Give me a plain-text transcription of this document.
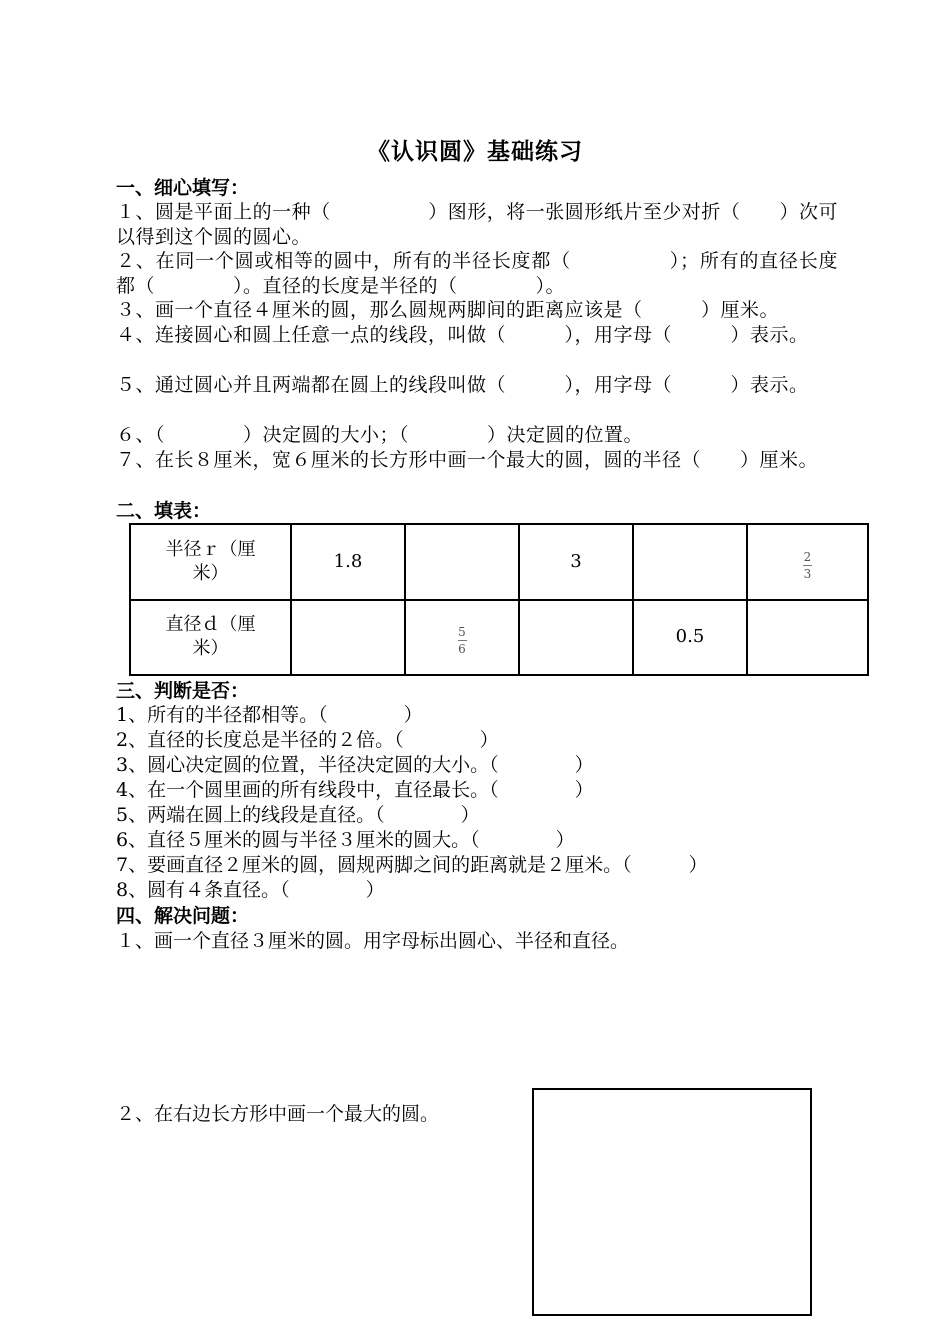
《认识圆》基础练习
一、细心填写：
１、圆是平面上的一种（　　　　　）图形，将一张圆形纸片至少对折（　　）次可以得到这个圆的圆心。
２、在同一个圆或相等的圆中，所有的半径长度都（　　　　　）；所有的直径长度都（　　　　）。直径的长度是半径的（　　　　）。
３、画一个直径４厘米的圆，那么圆规两脚间的距离应该是（　　　）厘米。
４、连接圆心和圆上任意一点的线段，叫做（　　　），用字母（　　　）表示。
５、通过圆心并且两端都在圆上的线段叫做（　　　），用字母（　　　）表示。
６、（　　　　）决定圆的大小；（　　　　）决定圆的位置。
７、在长８厘米，宽６厘米的长方形中画一个最大的圆，圆的半径（　　）厘米。
二、填表：
半径ｒ（厘米）	1.8		3		$\frac{2}{3}$

直径ｄ（厘米）		$\frac{5}{6}$		0.5	
三、判断是否：
1、所有的半径都相等。（　　　　）
2、直径的长度总是半径的２倍。（　　　　）
3、圆心决定圆的位置，半径决定圆的大小。（　　　　）
4、在一个圆里画的所有线段中，直径最长。（　　　　）
5、两端在圆上的线段是直径。（　　　　）
6、直径５厘米的圆与半径３厘米的圆大。（　　　　）
7、要画直径２厘米的圆，圆规两脚之间的距离就是２厘米。（　　　）
8、圆有４条直径。（　　　　）
四、解决问题：
１、画一个直径３厘米的圆。用字母标出圆心、半径和直径。
２、在右边长方形中画一个最大的圆。
